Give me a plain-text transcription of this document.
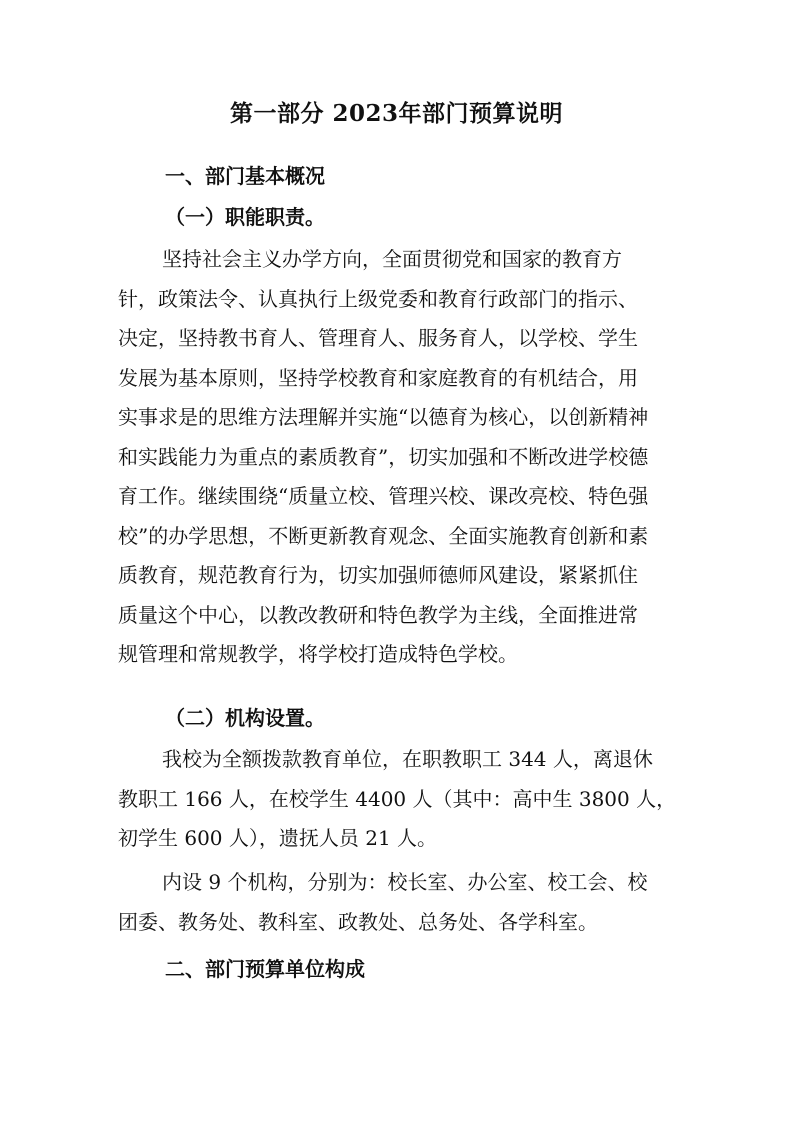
第一部分 2023年部门预算说明
一、部门基本概况
（一）职能职责。
坚持社会主义办学方向，全面贯彻党和国家的教育方
针，政策法令、认真执行上级党委和教育行政部门的指示、
决定，坚持教书育人、管理育人、服务育人，以学校、学生
发展为基本原则，坚持学校教育和家庭教育的有机结合，用
实事求是的思维方法理解并实施“以德育为核心，以创新精神
和实践能力为重点的素质教育”，切实加强和不断改进学校德
育工作。继续围绕“质量立校、管理兴校、课改亮校、特色强
校”的办学思想，不断更新教育观念、全面实施教育创新和素
质教育，规范教育行为，切实加强师德师风建设，紧紧抓住
质量这个中心，以教改教研和特色教学为主线，全面推进常
规管理和常规教学，将学校打造成特色学校。
（二）机构设置。
我校为全额拨款教育单位，在职教职工 344 人，离退休
教职工 166 人，在校学生 4400 人（其中：高中生 3800 人，
初学生 600 人），遗抚人员 21 人。
内设 9 个机构，分别为：校长室、办公室、校工会、校
团委、教务处、教科室、政教处、总务处、各学科室。
二、部门预算单位构成
